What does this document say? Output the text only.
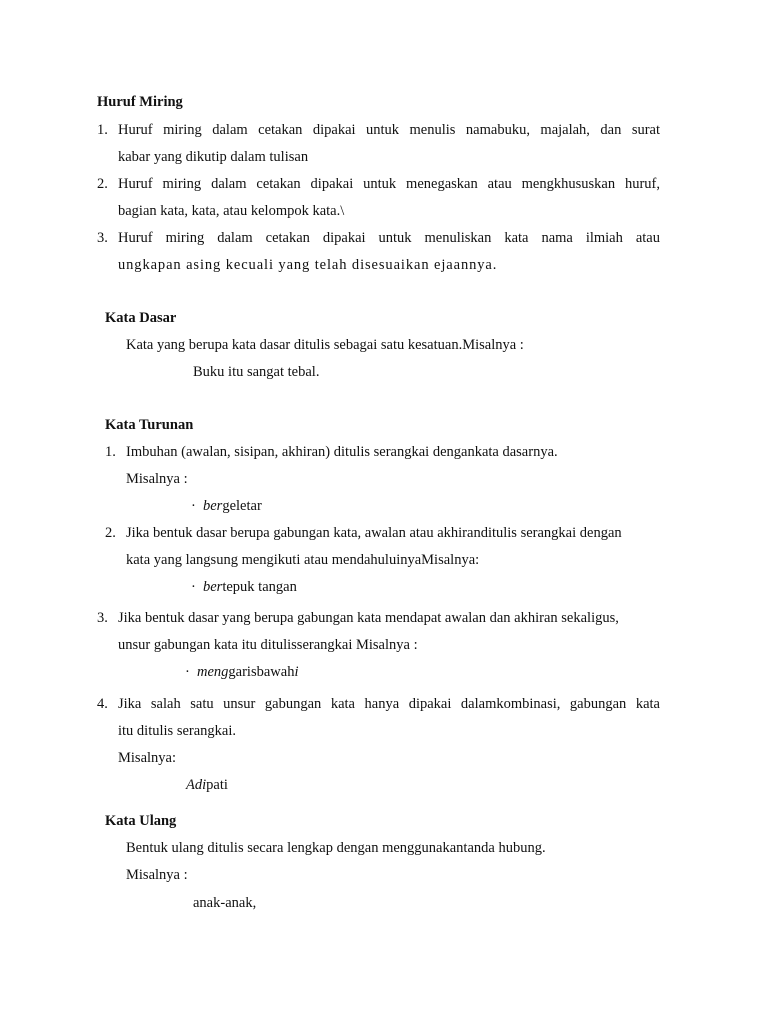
Huruf Miring
1. Huruf miring dalam cetakan dipakai untuk menulis namabuku, majalah, dan surat
kabar yang dikutip dalam tulisan
2. Huruf miring dalam cetakan dipakai untuk menegaskan atau mengkhususkan huruf,
bagian kata, kata, atau kelompok kata.\
3. Huruf miring dalam cetakan dipakai untuk menuliskan kata nama ilmiah atau
ungkapan asing kecuali yang telah disesuaikan ejaannya.
Kata Dasar
Kata yang berupa kata dasar ditulis sebagai satu kesatuan.Misalnya :
Buku itu sangat tebal.
Kata Turunan
1. Imbuhan (awalan, sisipan, akhiran) ditulis serangkai dengankata dasarnya.
Misalnya :
· bergeletar
2. Jika bentuk dasar berupa gabungan kata, awalan atau akhiranditulis serangkai dengan
kata yang langsung mengikuti atau mendahuluinyaMisalnya:
· bertepuk tangan
3. Jika bentuk dasar yang berupa gabungan kata mendapat awalan dan akhiran sekaligus,
unsur gabungan kata itu ditulisserangkai Misalnya :
· menggarisbawahi
4. Jika salah satu unsur gabungan kata hanya dipakai dalamkombinasi, gabungan kata
itu ditulis serangkai.
Misalnya:
Adipati
Kata Ulang
Bentuk ulang ditulis secara lengkap dengan menggunakantanda hubung.
Misalnya :
anak-anak,
